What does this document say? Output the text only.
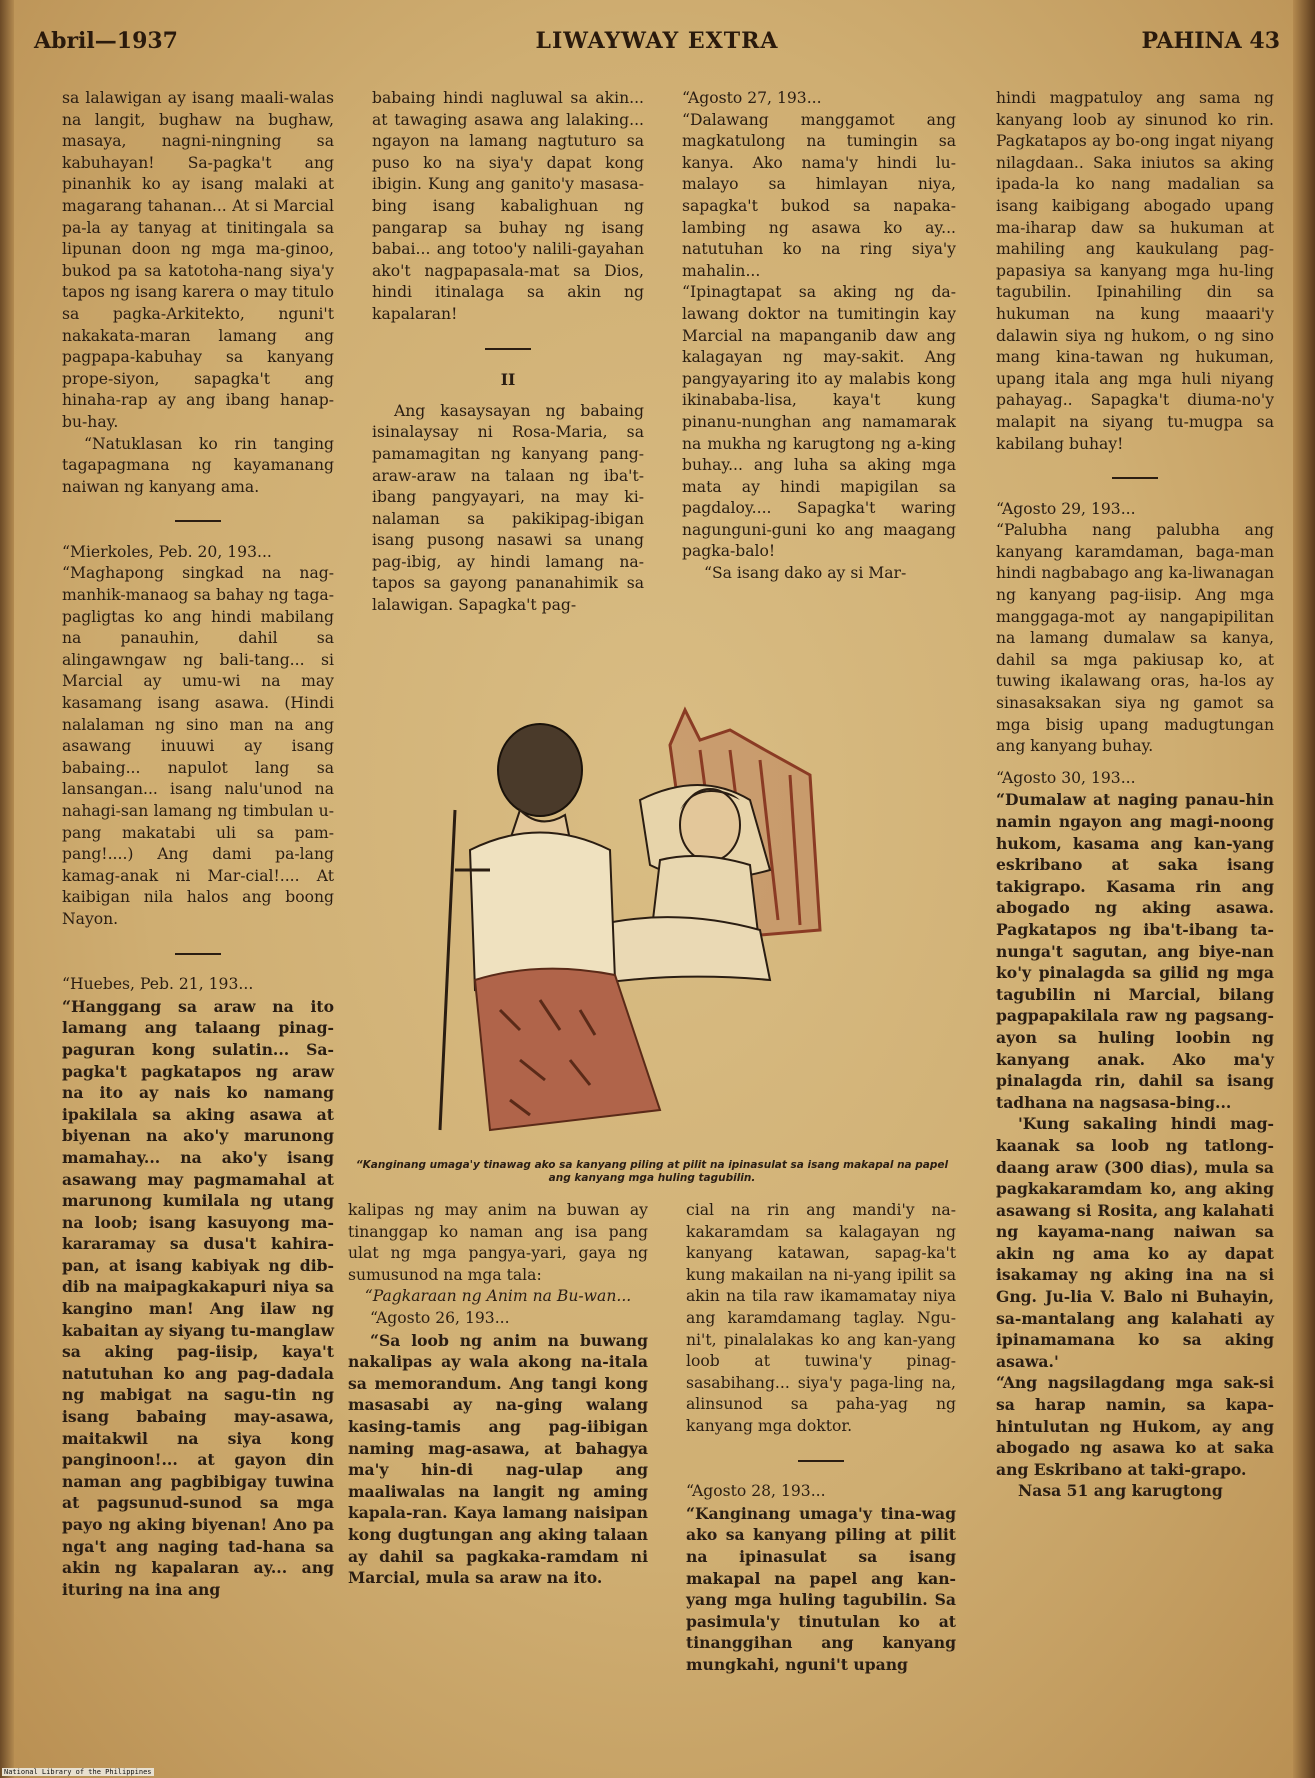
Abril—1937	LIWAYWAY EXTRA	PAHINA 43

sa lalawigan ay isang maali-walas na langit, bughaw na bughaw, masaya, nagni-ningning sa kabuhayan! Sa-pagka't ang pinanhik ko ay isang malaki at magarang tahanan... At si Marcial pa-la ay tanyag at tinitingala sa lipunan doon ng mga ma-ginoo, bukod pa sa katotoha-nang siya'y tapos ng isang karera o may titulo sa pagka-Arkitekto, nguni't nakakata-maran lamang ang pagpapa-kabuhay sa kanyang prope-siyon, sapagka't ang hinaha-rap ay ang ibang hanap-bu-hay.

“Natuklasan ko rin tanging tagapagmana ng kayamanang naiwan ng kanyang ama.

“Mierkoles, Peb. 20, 193...

“Maghapong singkad na nag-manhik-manaog sa bahay ng taga-pagligtas ko ang hindi mabilang na panauhin, dahil sa alingawngaw ng bali-tang... si Marcial ay umu-wi na may kasamang isang asawa. (Hindi nalalaman ng sino man na ang asawang inuuwi ay isang babaing... napulot lang sa lansangan... isang nalu'unod na nahagi-san lamang ng timbulan u-pang makatabi uli sa pam-pang!....) Ang dami pa-lang kamag-anak ni Mar-cial!.... At kaibigan nila halos ang boong Nayon.

“Huebes, Peb. 21, 193...

“Hanggang sa araw na ito lamang ang talaang pinag-paguran kong sulatin... Sa-pagka't pagkatapos ng araw na ito ay nais ko namang ipakilala sa aking asawa at biyenan na ako'y marunong mamahay... na ako'y isang asawang may pagmamahal at marunong kumilala ng utang na loob; isang kasuyong ma-kararamay sa dusa't kahira-pan, at isang kabiyak ng dib-dib na maipagkakapuri niya sa kangino man! Ang ilaw ng kabaitan ay siyang tu-manglaw sa aking pag-iisip, kaya't natutuhan ko ang pag-dadala ng mabigat na sagu-tin ng isang babaing may-asawa, maitakwil na siya kong panginoon!... at gayon din naman ang pagbibigay tuwina at pagsunud-sunod sa mga payo ng aking biyenan! Ano pa nga't ang naging tad-hana sa akin ng kapalaran ay... ang ituring na ina ang

babaing hindi nagluwal sa akin... at tawaging asawa ang lalaking... ngayon na lamang nagtuturo sa puso ko na siya'y dapat kong ibigin. Kung ang ganito'y masasa-bing isang kabalighuan ng pangarap sa buhay ng isang babai... ang totoo'y nalili-gayahan ako't nagpapasala-mat sa Dios, hindi itinalaga sa akin ng kapalaran!

II

Ang kasaysayan ng babaing isinalaysay ni Rosa-Maria, sa pamamagitan ng kanyang pang-araw-araw na talaan ng iba't-ibang pangyayari, na may ki-nalaman sa pakikipag-ibigan isang pusong nasawi sa unang pag-ibig, ay hindi lamang na-tapos sa gayong pananahimik sa lalawigan. Sapagka't pag-

“Agosto 27, 193...

“Dalawang manggamot ang magkatulong na tumingin sa kanya. Ako nama'y hindi lu-malayo sa himlayan niya, sapagka't bukod sa napaka-lambing ng asawa ko ay... natutuhan ko na ring siya'y mahalin...

“Ipinagtapat sa aking ng da-lawang doktor na tumitingin kay Marcial na mapanganib daw ang kalagayan ng may-sakit. Ang pangyayaring ito ay malabis kong ikinababa-lisa, kaya't kung pinanu-nunghan ang namamarak na mukha ng karugtong ng a-king buhay... ang luha sa aking mga mata ay hindi mapigilan sa pagdaloy.... Sapagka't waring nagunguni-guni ko ang maagang pagka-balo!

“Sa isang dako ay si Mar-

hindi magpatuloy ang sama ng kanyang loob ay sinunod ko rin. Pagkatapos ay bo-ong ingat niyang nilagdaan.. Saka iniutos sa aking ipada-la ko nang madalian sa isang kaibigang abogado upang ma-iharap daw sa hukuman at mahiling ang kaukulang pag-papasiya sa kanyang mga hu-ling tagubilin. Ipinahiling din sa hukuman na kung maaari'y dalawin siya ng hukom, o ng sino mang kina-tawan ng hukuman, upang itala ang mga huli niyang pahayag.. Sapagka't diuma-no'y malapit na siyang tu-mugpa sa kabilang buhay!

“Agosto 29, 193...

“Palubha nang palubha ang kanyang karamdaman, baga-man hindi nagbabago ang ka-liwanagan ng kanyang pag-iisip. Ang mga manggaga-mot ay nangapipilitan na lamang dumalaw sa kanya, dahil sa mga pakiusap ko, at tuwing ikalawang oras, ha-los ay sinasaksakan siya ng gamot sa mga bisig upang madugtungan ang kanyang buhay.

“Agosto 30, 193...

“Dumalaw at naging panau-hin namin ngayon ang magi-noong hukom, kasama ang kan-yang eskribano at saka isang takigrapo. Kasama rin ang abogado ng aking asawa. Pagkatapos ng iba't-ibang ta-nunga't sagutan, ang biye-nan ko'y pinalagda sa gilid ng mga tagubilin ni Marcial, bilang pagpapakilala raw ng pagsang-ayon sa huling loobin ng kanyang anak. Ako ma'y pinalagda rin, dahil sa isang tadhana na nagsasa-bing...

'Kung sakaling hindi mag-kaanak sa loob ng tatlong-daang araw (300 dias), mula sa pagkakaramdam ko, ang aking asawang si Rosita, ang kalahati ng kayama-nang naiwan sa akin ng ama ko ay dapat isakamay ng aking ina na si Gng. Ju-lia V. Balo ni Buhayin, sa-mantalang ang kalahati ay ipinamamana ko sa aking asawa.'

“Ang nagsilagdang mga sak-si sa harap namin, sa kapa-hintulutan ng Hukom, ay ang abogado ng asawa ko at saka ang Eskribano at taki-grapo.

Nasa 51 ang karugtong

“Kanginang umaga'y tinawag ako sa kanyang piling at pilit na ipinasulat sa isang makapal na papel ang kanyang mga huling tagubilin.

kalipas ng may anim na buwan ay tinanggap ko naman ang isa pang ulat ng mga pangya-yari, gaya ng sumusunod na mga tala:

“Pagkaraan ng Anim na Bu-wan...

“Agosto 26, 193...

“Sa loob ng anim na buwang nakalipas ay wala akong na-itala sa memorandum. Ang tangi kong masasabi ay na-ging walang kasing-tamis ang pag-iibigan naming mag-asawa, at bahagya ma'y hin-di nag-ulap ang maaliwalas na langit ng aming kapala-ran. Kaya lamang naisipan kong dugtungan ang aking talaan ay dahil sa pagkaka-ramdam ni Marcial, mula sa araw na ito.

cial na rin ang mandi'y na-kakaramdam sa kalagayan ng kanyang katawan, sapag-ka't kung makailan na ni-yang ipilit sa akin na tila raw ikamamatay niya ang karamdamang taglay. Ngu-ni't, pinalalakas ko ang kan-yang loob at tuwina'y pinag-sasabihang... siya'y paga-ling na, alinsunod sa paha-yag ng kanyang mga doktor.

“Agosto 28, 193...

“Kanginang umaga'y tina-wag ako sa kanyang piling at pilit na ipinasulat sa isang makapal na papel ang kan-yang mga huling tagubilin. Sa pasimula'y tinutulan ko at tinanggihan ang kanyang mungkahi, nguni't upang

National Library of the Philippines
